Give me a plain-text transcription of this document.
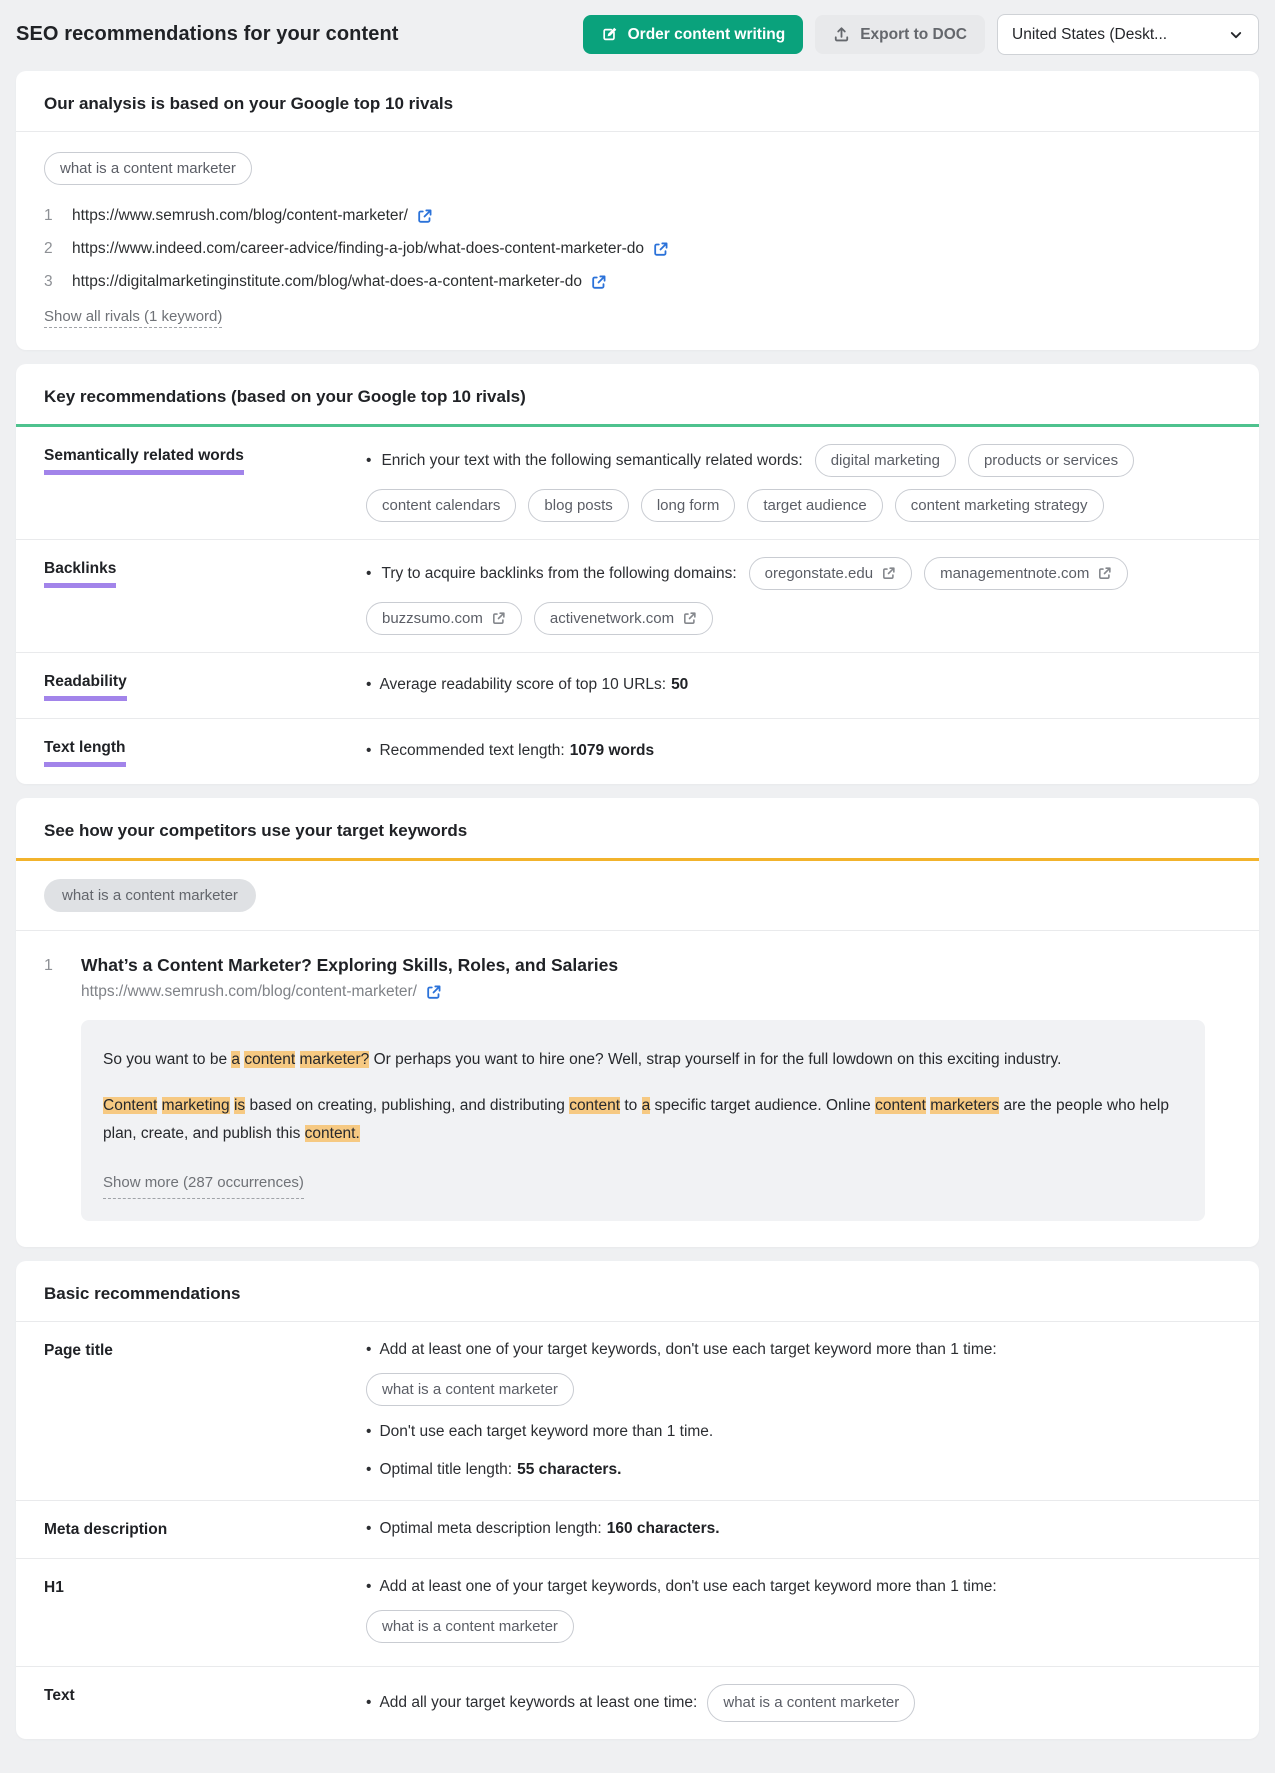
SEO recommendations for your content	Order content writing	Export to DOC	United States (Deskt...
Our analysis is based on your Google top 10 rivals
what is a content marketer
1	https://www.semrush.com/blog/content-marketer/
2	https://www.indeed.com/career-advice/finding-a-job/what-does-content-marketer-do
3	https://digitalmarketinginstitute.com/blog/what-does-a-content-marketer-do
Show all rivals (1 keyword)
Key recommendations (based on your Google top 10 rivals)
Semantically related words	• Enrich your text with the following semantically related words:	digital marketing	products or services
content calendars	blog posts	long form	target audience	content marketing strategy
Backlinks	• Try to acquire backlinks from the following domains: oregonstate.edu	managementnote.com
buzzsumo.com	activenetwork.com
Readability	• Average readability score of top 10 URLs: 50
Text length	• Recommended text length: 1079 words
See how your competitors use your target keywords
what is a content marketer
1	What’s a Content Marketer? Exploring Skills, Roles, and Salaries
https://www.semrush.com/blog/content-marketer/

So you want to be a content marketer? Or perhaps you want to hire one? Well, strap yourself in for the full lowdown on this exciting industry.

Content marketing is based on creating, publishing, and distributing content to a specific target audience. Online content marketers are the people who help plan, create, and publish this content.

Show more (287 occurrences)
Basic recommendations
Page title	• Add at least one of your target keywords, don't use each target keyword more than 1 time:
what is a content marketer
• Don't use each target keyword more than 1 time.
• Optimal title length: 55 characters.
Meta description	• Optimal meta description length: 160 characters.
H1	• Add at least one of your target keywords, don't use each target keyword more than 1 time:
what is a content marketer
Text	• Add all your target keywords at least one time:	what is a content marketer
